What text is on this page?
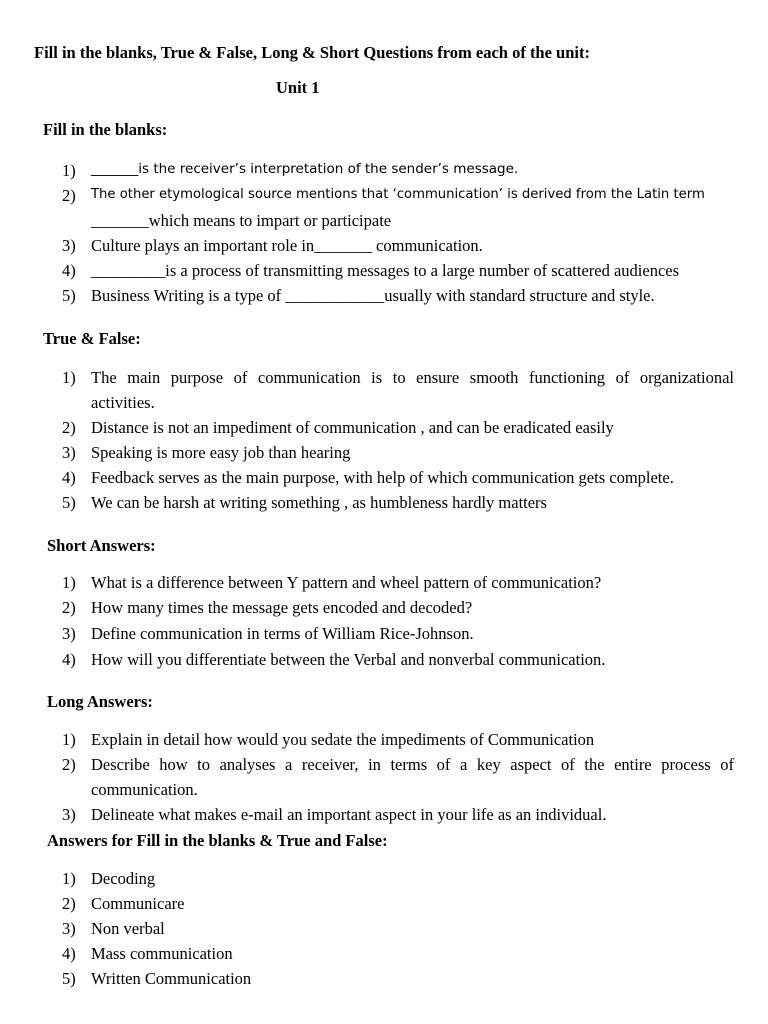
Fill in the blanks, True & False, Long & Short Questions from each of the unit:
Unit 1
Fill in the blanks:
1) _______is the receiver’s interpretation of the sender’s message.
2) The other etymological source mentions that ‘communication’ is derived from the Latin term
_______which means to impart or participate
3) Culture plays an important role in_______ communication.
4) _________is a process of transmitting messages to a large number of scattered audiences
5) Business Writing is a type of ____________usually with standard structure and style.
True & False:
1) The main purpose of communication is to ensure smooth functioning of organizational
activities.
2) Distance is not an impediment of communication , and can be eradicated easily
3) Speaking is more easy job than hearing
4) Feedback serves as the main purpose, with help of which communication gets complete.
5) We can be harsh at writing something , as humbleness hardly matters
Short Answers:
1) What is a difference between Y pattern and wheel pattern of communication?
2) How many times the message gets encoded and decoded?
3) Define communication in terms of William Rice-Johnson.
4) How will you differentiate between the Verbal and nonverbal communication.
Long Answers:
1) Explain in detail how would you sedate the impediments of Communication
2) Describe how to analyses a receiver, in terms of a key aspect of the entire process of
communication.
3) Delineate what makes e-mail an important aspect in your life as an individual.
Answers for Fill in the blanks & True and False:
1) Decoding
2) Communicare
3) Non verbal
4) Mass communication
5) Written Communication
